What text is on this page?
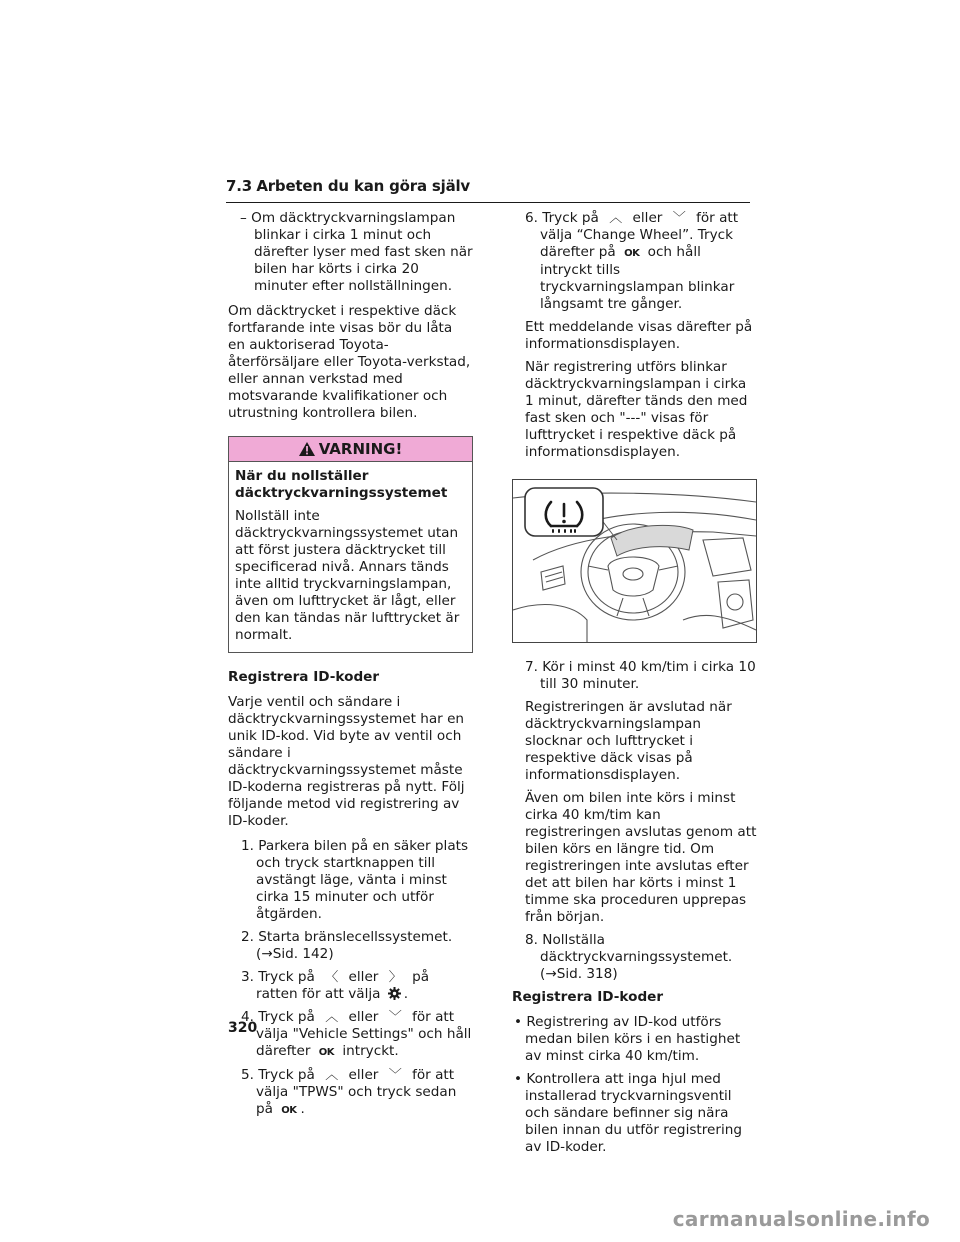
7.3 Arbeten du kan göra själv

– Om däcktryckvarningslampan blinkar i cirka 1 minut och därefter lyser med fast sken när bilen har körts i cirka 20 minuter efter nollställningen.

Om däcktrycket i respektive däck fortfarande inte visas bör du låta en auktoriserad Toyota-återförsäljare eller Toyota-verkstad, eller annan verkstad med motsvarande kvalifikationer och utrustning kontrollera bilen.

VARNING!

När du nollställer däcktryckvarningssystemet

Nollställ inte däcktryckvarningssystemet utan att först justera däcktrycket till specificerad nivå. Annars tänds inte alltid tryckvarningslampan, även om lufttrycket är lågt, eller den kan tändas när lufttrycket är normalt.

Registrera ID-koder

Varje ventil och sändare i däcktryckvarningssystemet har en unik ID-kod. Vid byte av ventil och sändare i däcktryckvarningssystemet måste ID-koderna registreras på nytt. Följ följande metod vid registrering av ID-koder.

1. Parkera bilen på en säker plats och tryck startknappen till avstängt läge, vänta i minst cirka 15 minuter och utför åtgärden.

2. Starta bränslecellssystemet.
(→Sid. 142)

3. Tryck på 〈 eller 〉 på ratten för att välja .

4. Tryck på ︿ eller ﹀ för att välja "Vehicle Settings" och håll därefter OK intryckt.

5. Tryck på ︿ eller ﹀ för att välja "TPWS" och tryck sedan på OK .

6. Tryck på ︿ eller ﹀ för att välja “Change Wheel”. Tryck därefter på OK och håll intryckt tills tryckvarningslampan blinkar långsamt tre gånger.

Ett meddelande visas därefter på informationsdisplayen.

När registrering utförs blinkar däcktryckvarningslampan i cirka 1 minut, därefter tänds den med fast sken och "---" visas för lufttrycket i respektive däck på informationsdisplayen.

7. Kör i minst 40 km/tim i cirka 10 till 30 minuter.

Registreringen är avslutad när däcktryckvarningslampan slocknar och lufttrycket i respektive däck visas på informationsdisplayen.

Även om bilen inte körs i minst cirka 40 km/tim kan registreringen avslutas genom att bilen körs en längre tid. Om registreringen inte avslutas efter det att bilen har körts i minst 1 timme ska proceduren upprepas från början.

8. Nollställa däcktryckvarningssystemet.
(→Sid. 318)

Registrera ID-koder

• Registrering av ID-kod utförs medan bilen körs i en hastighet av minst cirka 40 km/tim.

• Kontrollera att inga hjul med installerad tryckvarningsventil och sändare befinner sig nära bilen innan du utför registrering av ID-koder.

320
carmanualsonline.info
